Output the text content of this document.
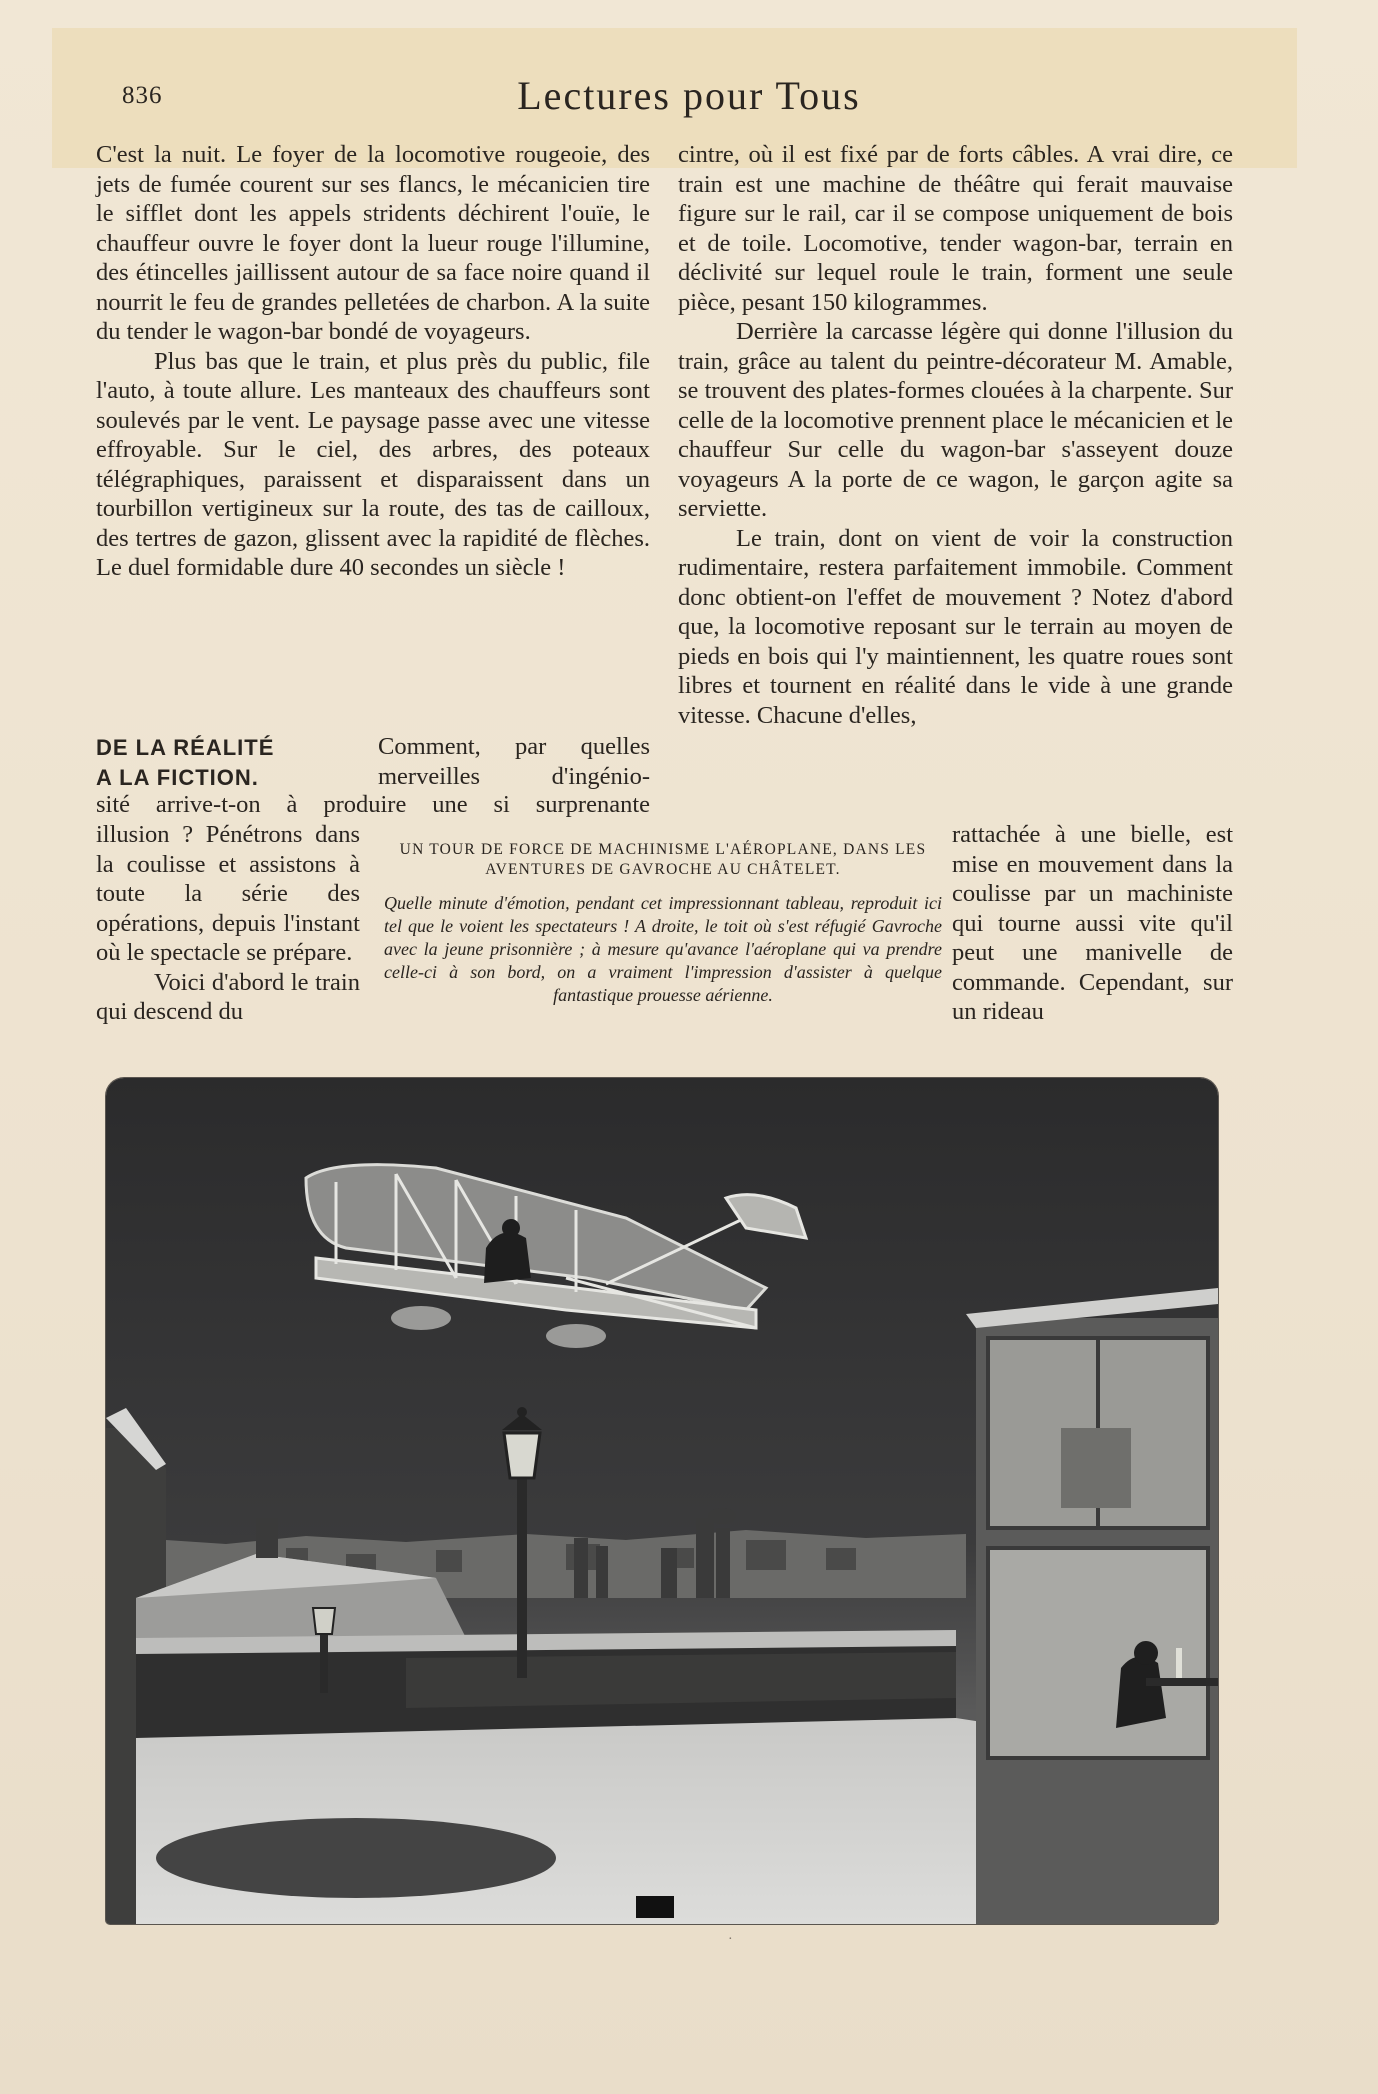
836	Lectures pour Tous

C'est la nuit. Le foyer de la locomotive rougeoie, des jets de fumée courent sur ses flancs, le mécanicien tire le sifflet dont les appels stridents déchirent l'ouïe, le chauffeur ouvre le foyer dont la lueur rouge l'illumine, des étincelles jaillissent autour de sa face noire quand il nourrit le feu de grandes pelletées de charbon. A la suite du tender le wagon-bar bondé de voyageurs.

Plus bas que le train, et plus près du public, file l'auto, à toute allure. Les manteaux des chauffeurs sont soulevés par le vent. Le paysage passe avec une vitesse effroyable. Sur le ciel, des arbres, des poteaux télégraphiques, paraissent et disparaissent dans un tourbillon vertigineux sur la route, des tas de cailloux, des tertres de gazon, glissent avec la rapidité de flèches. Le duel formidable dure 40 secondes un siècle !

DE LA RÉALITÉ
A LA FICTION.

Comment, par quelles merveilles d'ingénio-

sité arrive-t-on à produire une si surprenante

illusion ? Pénétrons dans la coulisse et assistons à toute la série des opérations, depuis l'instant où le spectacle se prépare.

Voici d'abord le train qui descend du

cintre, où il est fixé par de forts câbles. A vrai dire, ce train est une machine de théâtre qui ferait mauvaise figure sur le rail, car il se compose uniquement de bois et de toile. Locomotive, tender wagon-bar, terrain en déclivité sur lequel roule le train, forment une seule pièce, pesant 150 kilogrammes.

Derrière la carcasse légère qui donne l'illusion du train, grâce au talent du peintre-décorateur M. Amable, se trouvent des plates-formes clouées à la charpente. Sur celle de la locomotive prennent place le mécanicien et le chauffeur Sur celle du wagon-bar s'asseyent douze voyageurs A la porte de ce wagon, le garçon agite sa serviette.

Le train, dont on vient de voir la construction rudimentaire, restera parfaitement immobile. Comment donc obtient-on l'effet de mouvement ? Notez d'abord que, la locomotive reposant sur le terrain au moyen de pieds en bois qui l'y maintiennent, les quatre roues sont libres et tournent en réalité dans le vide à une grande vitesse. Chacune d'elles,

rattachée à une bielle, est mise en mouvement dans la coulisse par un machiniste qui tourne aussi vite qu'il peut une manivelle de commande. Cependant, sur un rideau

UN TOUR DE FORCE DE MACHINISME L'AÉROPLANE, DANS LES AVENTURES DE GAVROCHE AU CHÂTELET.
Quelle minute d'émotion, pendant cet impressionnant tableau, reproduit ici tel que le voient les spectateurs ! A droite, le toit où s'est réfugié Gavroche avec la jeune prisonnière ; à mesure qu'avance l'aéroplane qui va prendre celle-ci à son bord, on a vraiment l'impression d'assister à quelque fantastique prouesse aérienne.
·
